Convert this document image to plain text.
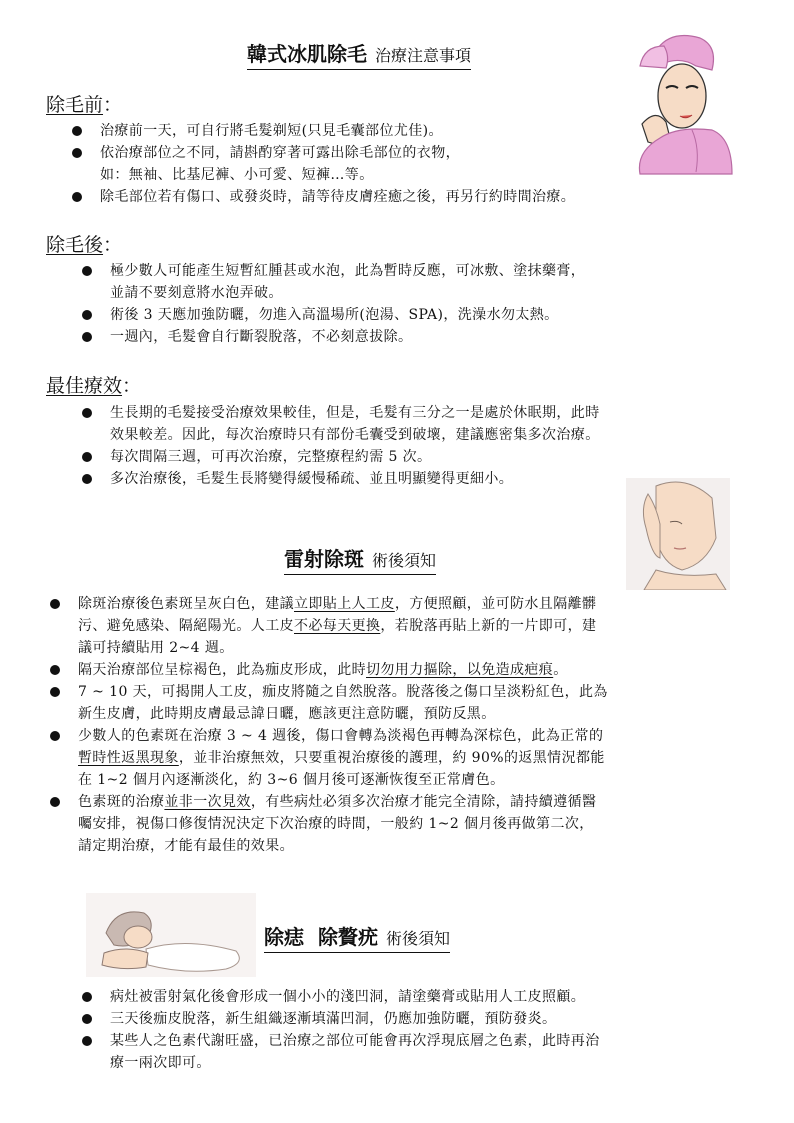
韓式冰肌除毛 治療注意事項
除毛前：
治療前一天，可自行將毛髮剃短(只見毛囊部位尤佳)。
依治療部位之不同，請斟酌穿著可露出除毛部位的衣物，
如：無袖、比基尼褲、小可愛、短褲…等。
除毛部位若有傷口、或發炎時，請等待皮膚痊癒之後，再另行約時間治療。
除毛後：
極少數人可能產生短暫紅腫甚或水泡，此為暫時反應，可冰敷、塗抹藥膏，
並請不要刻意將水泡弄破。
術後 3 天應加強防曬，勿進入高溫場所(泡湯、SPA)，洗澡水勿太熱。
一週內，毛髮會自行斷裂脫落，不必刻意拔除。
最佳療效：
生長期的毛髮接受治療效果較佳，但是，毛髮有三分之一是處於休眠期，此時
效果較差。因此，每次治療時只有部份毛囊受到破壞，建議應密集多次治療。
每次間隔三週，可再次治療，完整療程約需 5 次。
多次治療後，毛髮生長將變得緩慢稀疏、並且明顯變得更細小。
雷射除斑 術後須知
除斑治療後色素斑呈灰白色，建議立即貼上人工皮，方便照顧，並可防水且隔離髒
污、避免感染、隔絕陽光。人工皮不必每天更換，若脫落再貼上新的一片即可，建
議可持續貼用 2~4 週。
隔天治療部位呈棕褐色，此為痂皮形成，此時切勿用力摳除，以免造成疤痕。
7 ~ 10 天，可揭開人工皮，痂皮將隨之自然脫落。脫落後之傷口呈淡粉紅色，此為
新生皮膚，此時期皮膚最忌諱日曬，應該更注意防曬，預防反黑。
少數人的色素斑在治療 3 ~ 4 週後，傷口會轉為淡褐色再轉為深棕色，此為正常的
暫時性返黑現象，並非治療無效，只要重視治療後的護理，約 90%的返黑情況都能
在 1~2 個月內逐漸淡化，約 3~6 個月後可逐漸恢復至正常膚色。
色素斑的治療並非一次見效，有些病灶必須多次治療才能完全清除，請持續遵循醫
囑安排，視傷口修復情況決定下次治療的時間，一般約 1~2 個月後再做第二次，
請定期治療，才能有最佳的效果。
除痣 除贅疣 術後須知
病灶被雷射氣化後會形成一個小小的淺凹洞，請塗藥膏或貼用人工皮照顧。
三天後痂皮脫落，新生組織逐漸填滿凹洞，仍應加強防曬，預防發炎。
某些人之色素代謝旺盛，已治療之部位可能會再次浮現底層之色素，此時再治
療一兩次即可。
